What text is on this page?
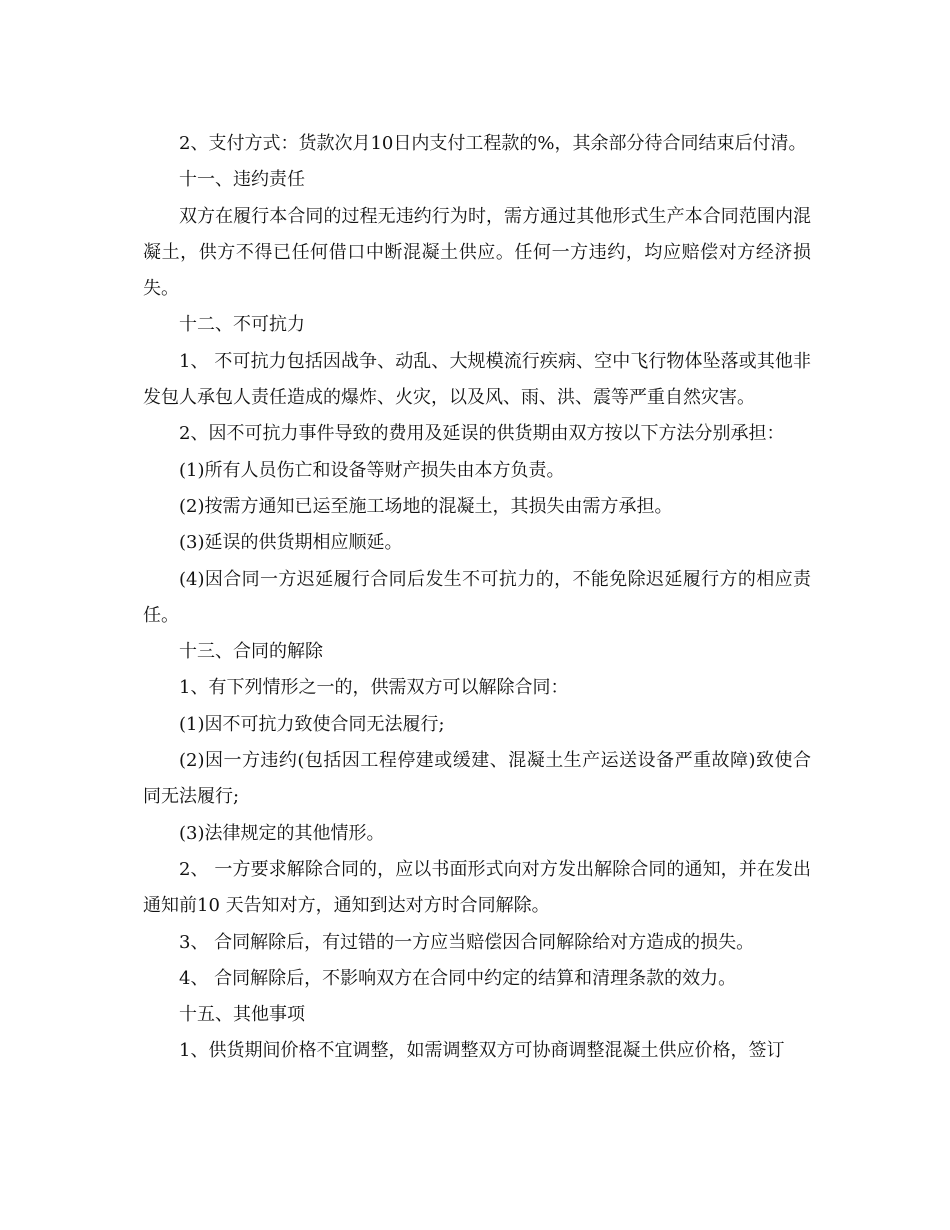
2、支付方式：货款次月10日内支付工程款的%，其余部分待合同结束后付清。

十一、违约责任

双方在履行本合同的过程无违约行为时，需方通过其他形式生产本合同范围内混凝土，供方不得已任何借口中断混凝土供应。任何一方违约，均应赔偿对方经济损失。

十二、不可抗力

1、 不可抗力包括因战争、动乱、大规模流行疾病、空中飞行物体坠落或其他非发包人承包人责任造成的爆炸、火灾，以及风、雨、洪、震等严重自然灾害。

2、因不可抗力事件导致的费用及延误的供货期由双方按以下方法分别承担：

(1)所有人员伤亡和设备等财产损失由本方负责。

(2)按需方通知已运至施工场地的混凝土，其损失由需方承担。

(3)延误的供货期相应顺延。

(4)因合同一方迟延履行合同后发生不可抗力的，不能免除迟延履行方的相应责任。

十三、合同的解除

1、有下列情形之一的，供需双方可以解除合同：

(1)因不可抗力致使合同无法履行;

(2)因一方违约(包括因工程停建或缓建、混凝土生产运送设备严重故障)致使合同无法履行;

(3)法律规定的其他情形。

2、 一方要求解除合同的，应以书面形式向对方发出解除合同的通知，并在发出通知前10 天告知对方，通知到达对方时合同解除。

3、 合同解除后，有过错的一方应当赔偿因合同解除给对方造成的损失。

4、 合同解除后，不影响双方在合同中约定的结算和清理条款的效力。

十五、其他事项

1、供货期间价格不宜调整，如需调整双方可协商调整混凝土供应价格，签订
